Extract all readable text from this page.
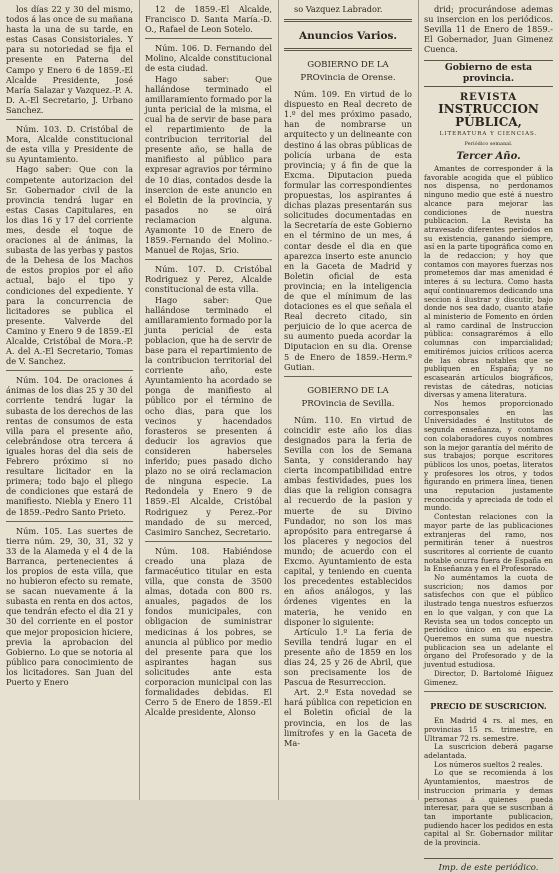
los días 22 y 30 del mismo, todos á las once de su mañana hasta la una de su tarde, en estas Casas Consistoriales. Y para su notoriedad se fija el presente en Paterna del Campo y Enero 6 de 1859.-El Alcalde Presidente, José María Salazar y Vazquez.-P. A. D. A.-El Secretario, J. Urbano Sanchez.

Núm. 103. D. Cristóbal de Mora, Alcalde constitucional de esta villa y Presidente de su Ayuntamiento.

Hago saber: Que con la competente autorizacion del Sr. Gobernador civil de la provincia tendrá lugar en estas Casas Capitulares, en los dias 16 y 17 del corriente mes, desde el toque de oraciones al de ánimas, la subasta de las yerbas y pastos de la Dehesa de los Machos de estos propios por el año actual, bajo el tipo y condiciones del expediente. Y para la concurrencia de licitadores se publica el presente. Valverde del Camino y Enero 9 de 1859.-El Alcalde, Cristóbal de Mora.-P. A. del A.-El Secretario, Tomas de V. Sanchez.

Núm. 104. De oraciones á ánimas de los dias 25 y 30 del corriente tendrá lugar la subasta de los derechos de las rentas de consumos de esta villa para el presente año, celebrándose otra tercera á iguales horas del dia seis de Febrero próximo si no resultare licitador en la primera; todo bajo el pliego de condiciones que estará de manifiesto. Niebla y Enero 11 de 1859.-Pedro Santo Prieto.

Núm. 105. Las suertes de tierra núm. 29, 30, 31, 32 y 33 de la Alameda y el 4 de la Barranca, pertenecientes á los propios de esta villa, que no hubieron efecto su remate, se sacan nuevamente á la subasta en renta en dos actos, que tendrán efecto el dia 21 y 30 del corriente en el postor que mejor proposicion hiciere, previa la aprobacion del Gobierno. Lo que se notoria al público para conocimiento de los licitadores. San Juan del Puerto y Enero

12 de 1859.-El Alcalde, Francisco D. Santa María.-D. O., Rafael de Leon Sotelo.

Núm. 106. D. Fernando del Molino, Alcalde constitucional de esta ciudad.

Hago saber: Que hallándose terminado el amillaramiento formado por la junta pericial de la misma, el cual ha de servir de base para el repartimiento de la contribucion territorial del presente año, se halla de manifiesto al público para expresar agravios por término de 10 dias, contados desde la insercion de este anuncio en el Boletin de la provincia, y pasados no se oirá reclamacion alguna. Ayamonte 10 de Enero de 1859.-Fernando del Molino.-Manuel de Rojas, Srio.

Núm. 107. D. Cristóbal Rodriguez y Perez, Alcalde constitucional de esta villa.

Hago saber: Que hallándose terminado el amillaramiento formado por la junta pericial de esta poblacion, que ha de servir de base para el repartimiento de la contribucion territorial del corriente año, este Ayuntamiento ha acordado se ponga de manifiesto al público por el término de ocho dias, para que los vecinos y hacendados forasteros se presenten á deducir los agravios que consideren haberseles inferido; pues pasado dicho plazo no se oirá reclamacion de ninguna especie. La Redondela y Enero 9 de 1859.-El Alcalde, Cristóbal Rodriguez y Perez.-Por mandado de su merced, Casimiro Sanchez, Secretario.

Núm. 108. Habiéndose creado una plaza de farmacéutico titular en esta villa, que consta de 3500 almas, dotada con 800 rs. anuales, pagados de los fondos municipales, con obligacion de suministrar medicinas á los pobres, se anuncia al público por medio del presente para que los aspirantes hagan sus solicitudes ante esta corporacion municipal con las formalidades debidas. El Cerro 5 de Enero de 1859.-El Alcalde presidente, Alonso

so Vazquez Labrador.

Anuncios Varios.
GOBIERNO DE LA PROvincia de Orense.

Núm. 109. En virtud de lo dispuesto en Real decreto de 1.º del mes próximo pasado, han de nombrarse un arquitecto y un delineante con destino á las obras públicas de policía urbana de esta provincia; y á fin de que la Excma. Diputacion pueda formular las correspondientes propuestas, los aspirantes á dichas plazas presentarán sus solicitudes documentadas en la Secretaría de este Gobierno en el término de un mes, á contar desde el dia en que aparezca inserto este anuncio en la Gaceta de Madrid y Boletin oficial de esta provincia; en la inteligencia de que el mínimum de las dotaciones es el que señala el Real decreto citado, sin perjuicio de lo que acerca de su aumento pueda acordar la Diputacion en su dia. Orense 5 de Enero de 1859.-Herm.º Gutian.

GOBIERNO DE LA PROvincia de Sevilla.

Núm. 110. En virtud de coincidir este año los dias designados para la feria de Sevilla con los de Semana Santa, y considerando hay cierta incompatibilidad entre ambas festividades, pues los dias que la religion consagra al recuerdo de la pasion y muerte de su Divino Fundador, no son los mas apropósito para entregarse á los placeres y negocios del mundo; de acuerdo con el Excmo. Ayuntamiento de esta capital, y teniendo en cuenta los precedentes establecidos en años análogos, y las órdenes vigentes en la materia, he venido en disponer lo siguiente:

Artículo 1.º La feria de Sevilla tendrá lugar en el presente año de 1859 en los dias 24, 25 y 26 de Abril, que son precisamente los de Pascua de Resurreccion.

Art. 2.º Esta novedad se hará pública con repeticion en el Boletin oficial de la provincia, en los de las limítrofes y en la Gaceta de Ma-

drid; procurándose ademas su insercion en los periódicos. Sevilla 11 de Enero de 1859.-El Gobernador, Juan Gimenez Cuenca.

Gobierno de esta provincia.
REVISTA
INSTRUCCION PÚBLICA,
LITERATURA Y CIENCIAS.
Periódico semanal.
Tercer Año.

Amantes de corresponder á la favorable acogida que el público nos dispensa, no perdonamos ninguno medio que esté á nuestro alcance para mejorar las condiciones de nuestra publicacion. La Revista ha atravesado diferentes períodos en su existencia, ganando siempre, así en la parte tipográfica como en la de redaccion; y hoy que contamos con mayores fuerzas nos prometemos dar mas amenidad é interes á su lectura. Como hasta aquí continuaremos dedicando una seccion á ilustrar y discutir, bajo donde nos sea dado, cuanto atañe al ministerio de Fomento en órden al ramo cardinal de Instruccion pública: consagrarémos á ello columnas con imparcialidad; emitirémos juicios críticos acerca de las obras notables que se publiquen en España; y no escasearán artículos biográficos, revistas de cátedras, noticias diversas y amena literatura.

Nos hemos proporcionado corresponsales en las Universidades é Institutos de segunda enseñanza, y contamos con colaboradores cuyos nombres son la mejor garantía del mérito de sus trabajos; porque escritores públicos los unos, poetas, literatos y profesores los otros, y todos figurando en primera línea, tienen una reputacion justamente reconocida y apreciada de todo el mundo.

Contestan relaciones con la mayor parte de las publicaciones extranjeras del ramo, nos permitirán tener á nuestros suscritores al corriente de cuanto notable ocurra fuera de España en la Enseñanza y en el Profesorado.

No auméntamos la cuota de suscricion; nos damos por satisfechos con que el público ilustrado tenga nuestros esfuerzos en lo que valgan, y con que La Revista sea un todos concepto un periódico único en su especie. Queremos en suma que nuestra publicacion sea un adelante el órgano del Profesorado y de la juventud estudiosa.

Director, D. Bartolomé Iñiguez Gimenez.

PRECIO DE SUSCRICION.

En Madrid 4 rs. al mes, en provincias 15 rs. trimestre, en Ultramar 72 rs. semestre.

La suscricion deberá pagarse adelantada.

Los números sueltos 2 reales.

Lo que se recomienda á los Ayuntamientos, maestros de instruccion primaria y demas personas á quienes pueda interesar, para que se suscriban á tan importante publicacion, pudiendo hacer los pedidos en esta capital al Sr. Gobernador militar de la provincia.

Imp. de este periódico.
